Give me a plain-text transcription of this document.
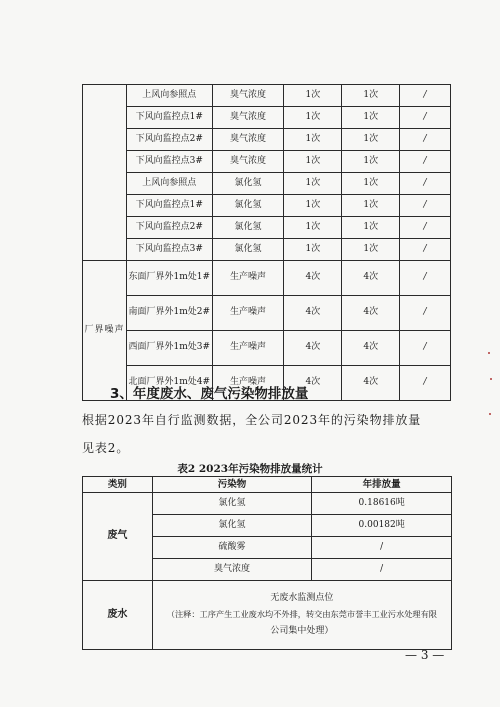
	上风向参照点	臭气浓度	1次	1次	/
	下风向监控点1#	臭气浓度	1次	1次	/
	下风向监控点2#	臭气浓度	1次	1次	/
	下风向监控点3#	臭气浓度	1次	1次	/
	上风向参照点	氯化氢	1次	1次	/
	下风向监控点1#	氯化氢	1次	1次	/
	下风向监控点2#	氯化氢	1次	1次	/
	下风向监控点3#	氯化氢	1次	1次	/
厂界噪声	东面厂界外1m处1#	生产噪声	4次	4次	/
	南面厂界外1m处2#	生产噪声	4次	4次	/
	西面厂界外1m处3#	生产噪声	4次	4次	/
	北面厂界外1m处4#	生产噪声	4次	4次	/
3、年度废水、废气污染物排放量
根据2023年自行监测数据，全公司2023年的污染物排放量
见表2。
表2 2023年污染物排放量统计
类别	污染物	年排放量
废气	氯化氢	0.18616吨
	氯化氢	0.00182吨
	硫酸雾	/
	臭气浓度	/
废水	无废水监测点位
（注释：工序产生工业废水均不外排，转交由东莞市誉丰工业污水处理有限
公司集中处理）	
— 3 —
